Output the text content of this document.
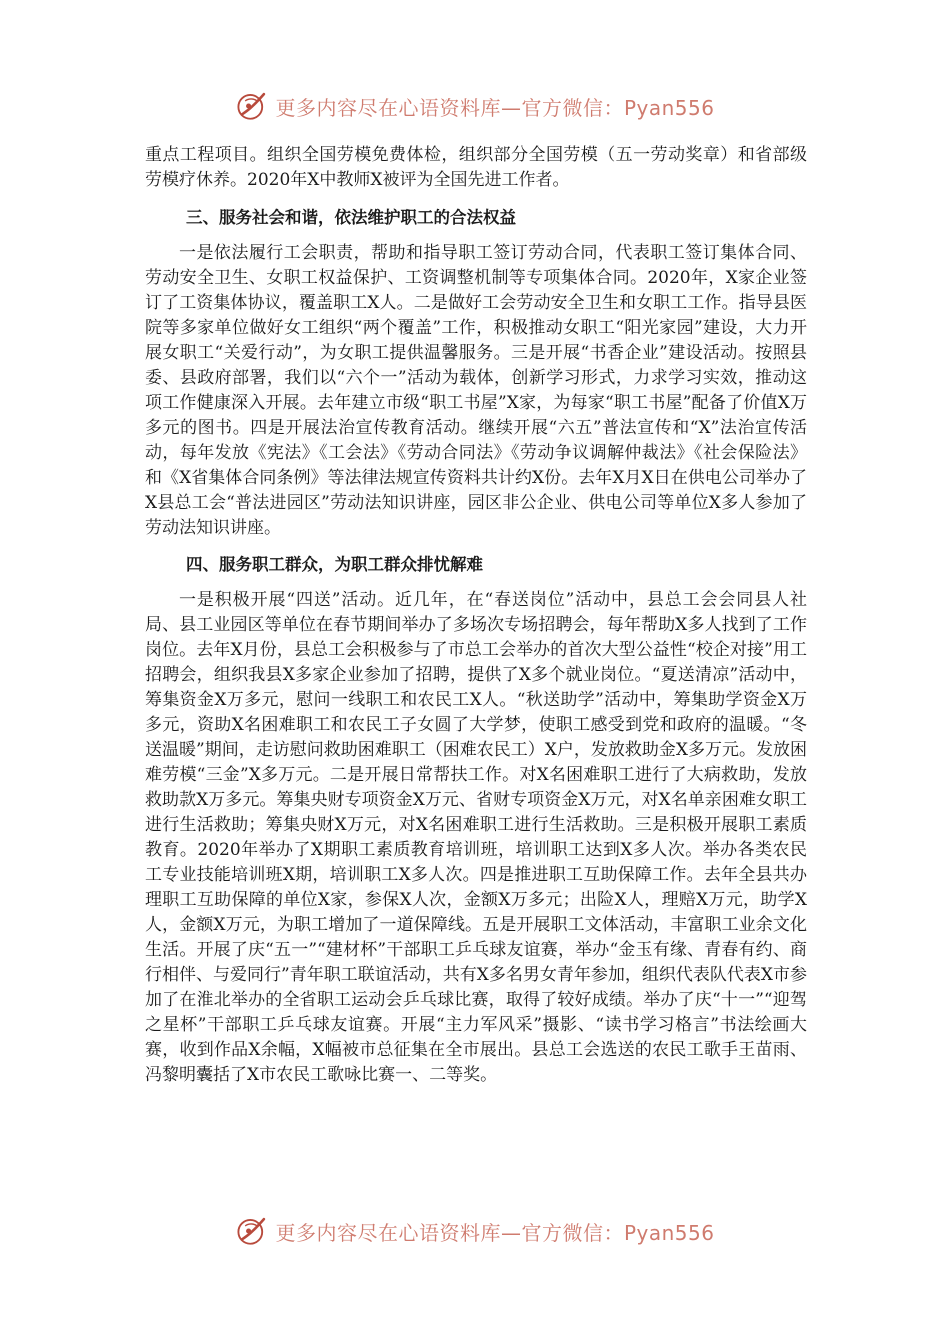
更多内容尽在心语资料库—官方微信：Pyan556

重点工程项目。组织全国劳模免费体检，组织部分全国劳模（五一劳动奖章）和省部级劳模疗休养。2020年X中教师X被评为全国先进工作者。

三、服务社会和谐，依法维护职工的合法权益

一是依法履行工会职责，帮助和指导职工签订劳动合同，代表职工签订集体合同、劳动安全卫生、女职工权益保护、工资调整机制等专项集体合同。2020年，X家企业签订了工资集体协议，覆盖职工X人。二是做好工会劳动安全卫生和女职工工作。指导县医院等多家单位做好女工组织“两个覆盖”工作，积极推动女职工“阳光家园”建设，大力开展女职工“关爱行动”，为女职工提供温馨服务。三是开展“书香企业”建设活动。按照县委、县政府部署，我们以“六个一”活动为载体，创新学习形式，力求学习实效，推动这项工作健康深入开展。去年建立市级“职工书屋”X家，为每家“职工书屋”配备了价值X万多元的图书。四是开展法治宣传教育活动。继续开展“六五”普法宣传和“X”法治宣传活动，每年发放《宪法》《工会法》《劳动合同法》《劳动争议调解仲裁法》《社会保险法》和《X省集体合同条例》等法律法规宣传资料共计约X份。去年X月X日在供电公司举办了X县总工会“普法进园区”劳动法知识讲座，园区非公企业、供电公司等单位X多人参加了劳动法知识讲座。

四、服务职工群众，为职工群众排忧解难

一是积极开展“四送”活动。近几年，在“春送岗位”活动中，县总工会会同县人社局、县工业园区等单位在春节期间举办了多场次专场招聘会，每年帮助X多人找到了工作岗位。去年X月份，县总工会积极参与了市总工会举办的首次大型公益性“校企对接”用工招聘会，组织我县X多家企业参加了招聘，提供了X多个就业岗位。“夏送清凉”活动中，筹集资金X万多元，慰问一线职工和农民工X人。“秋送助学”活动中，筹集助学资金X万多元，资助X名困难职工和农民工子女圆了大学梦，使职工感受到党和政府的温暖。“冬送温暖”期间，走访慰问救助困难职工（困难农民工）X户，发放救助金X多万元。发放困难劳模“三金”X多万元。二是开展日常帮扶工作。对X名困难职工进行了大病救助，发放救助款X万多元。筹集央财专项资金X万元、省财专项资金X万元，对X名单亲困难女职工进行生活救助；筹集央财X万元，对X名困难职工进行生活救助。三是积极开展职工素质教育。2020年举办了X期职工素质教育培训班，培训职工达到X多人次。举办各类农民工专业技能培训班X期，培训职工X多人次。四是推进职工互助保障工作。去年全县共办理职工互助保障的单位X家，参保X人次，金额X万多元；出险X人，理赔X万元，助学X人，金额X万元，为职工增加了一道保障线。五是开展职工文体活动，丰富职工业余文化生活。开展了庆“五一”“建材杯”干部职工乒乓球友谊赛，举办“金玉有缘、青春有约、商行相伴、与爱同行”青年职工联谊活动，共有X多名男女青年参加，组织代表队代表X市参加了在淮北举办的全省职工运动会乒乓球比赛，取得了较好成绩。举办了庆“十一”“迎驾之星杯”干部职工乒乓球友谊赛。开展“主力军风采”摄影、“读书学习格言”书法绘画大赛，收到作品X余幅，X幅被市总征集在全市展出。县总工会选送的农民工歌手王苗雨、冯黎明囊括了X市农民工歌咏比赛一、二等奖。

更多内容尽在心语资料库—官方微信：Pyan556
